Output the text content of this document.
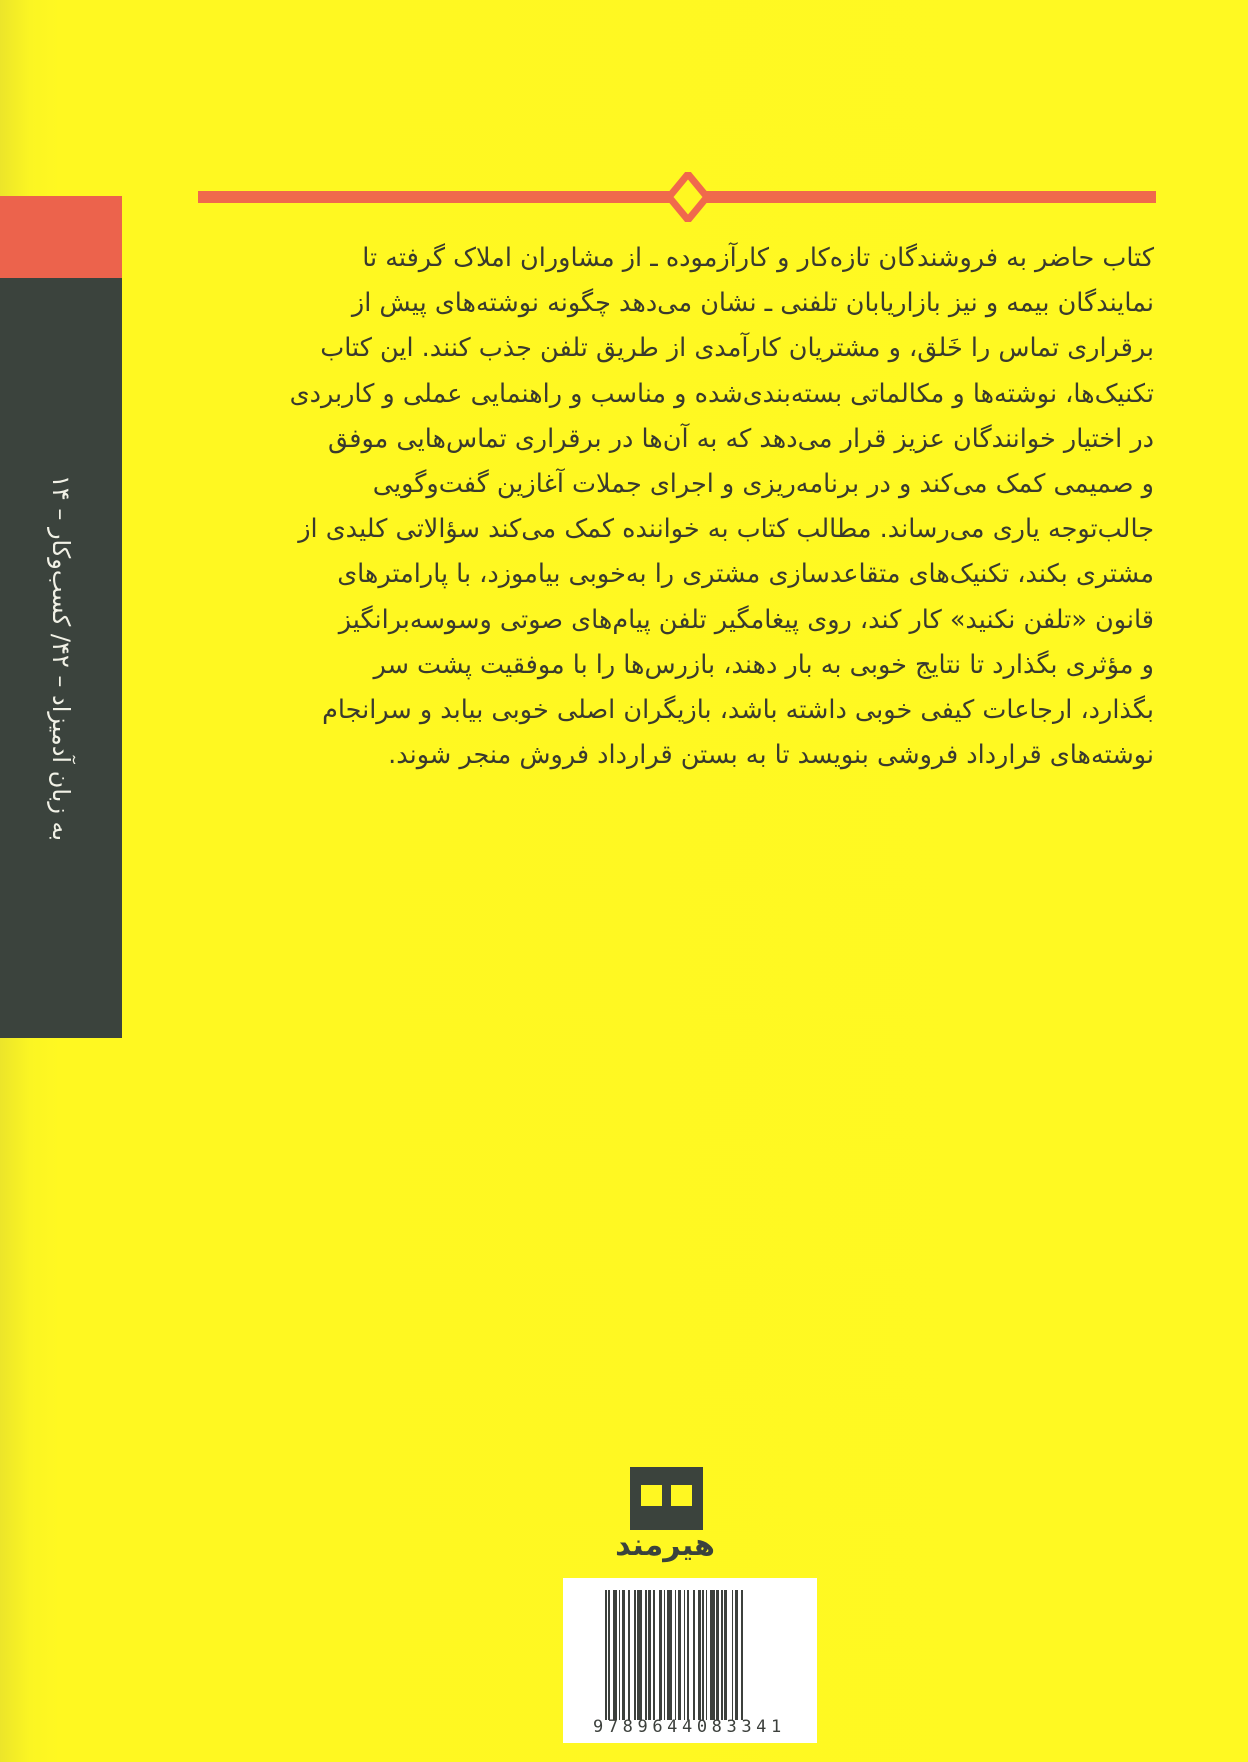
به زبان آدمیزاد – ۴۲/ کسب‌وکار – ۱۴
کتاب حاضر به فروشندگان تازه‌کار و کارآزموده ـ از مشاوران املاک گرفته تا
نمایندگان بیمه و نیز بازاریابان تلفنی ـ نشان می‌دهد چگونه نوشته‌های پیش از
برقراری تماس را خَلق، و مشتریان کارآمدی از طریق تلفن جذب کنند. این کتاب
تکنیک‌ها، نوشته‌ها و مکالماتی بسته‌بندی‌شده و مناسب و راهنمایی عملی و کاربردی
در اختیار خوانندگان عزیز قرار می‌دهد که به آن‌ها در برقراری تماس‌هایی موفق
و صمیمی کمک می‌کند و در برنامه‌ریزی و اجرای جملات آغازین گفت‌وگویی
جالب‌توجه یاری می‌رساند. مطالب کتاب به خواننده کمک می‌کند سؤالاتی کلیدی از
مشتری بکند، تکنیک‌های متقاعدسازی مشتری را به‌خوبی بیاموزد، با پارامترهای
قانون «تلفن نکنید» کار کند، روی پیغامگیر تلفن پیام‌های صوتی وسوسه‌برانگیز
و مؤثری بگذارد تا نتایج خوبی به بار دهند، بازرس‌ها را با موفقیت پشت سر
بگذارد، ارجاعات کیفی خوبی داشته باشد، بازیگران اصلی خوبی بیابد و سرانجام
نوشته‌های قرارداد فروشی بنویسد تا به بستن قرارداد فروش منجر شوند.
هیرمند
9789644083341
